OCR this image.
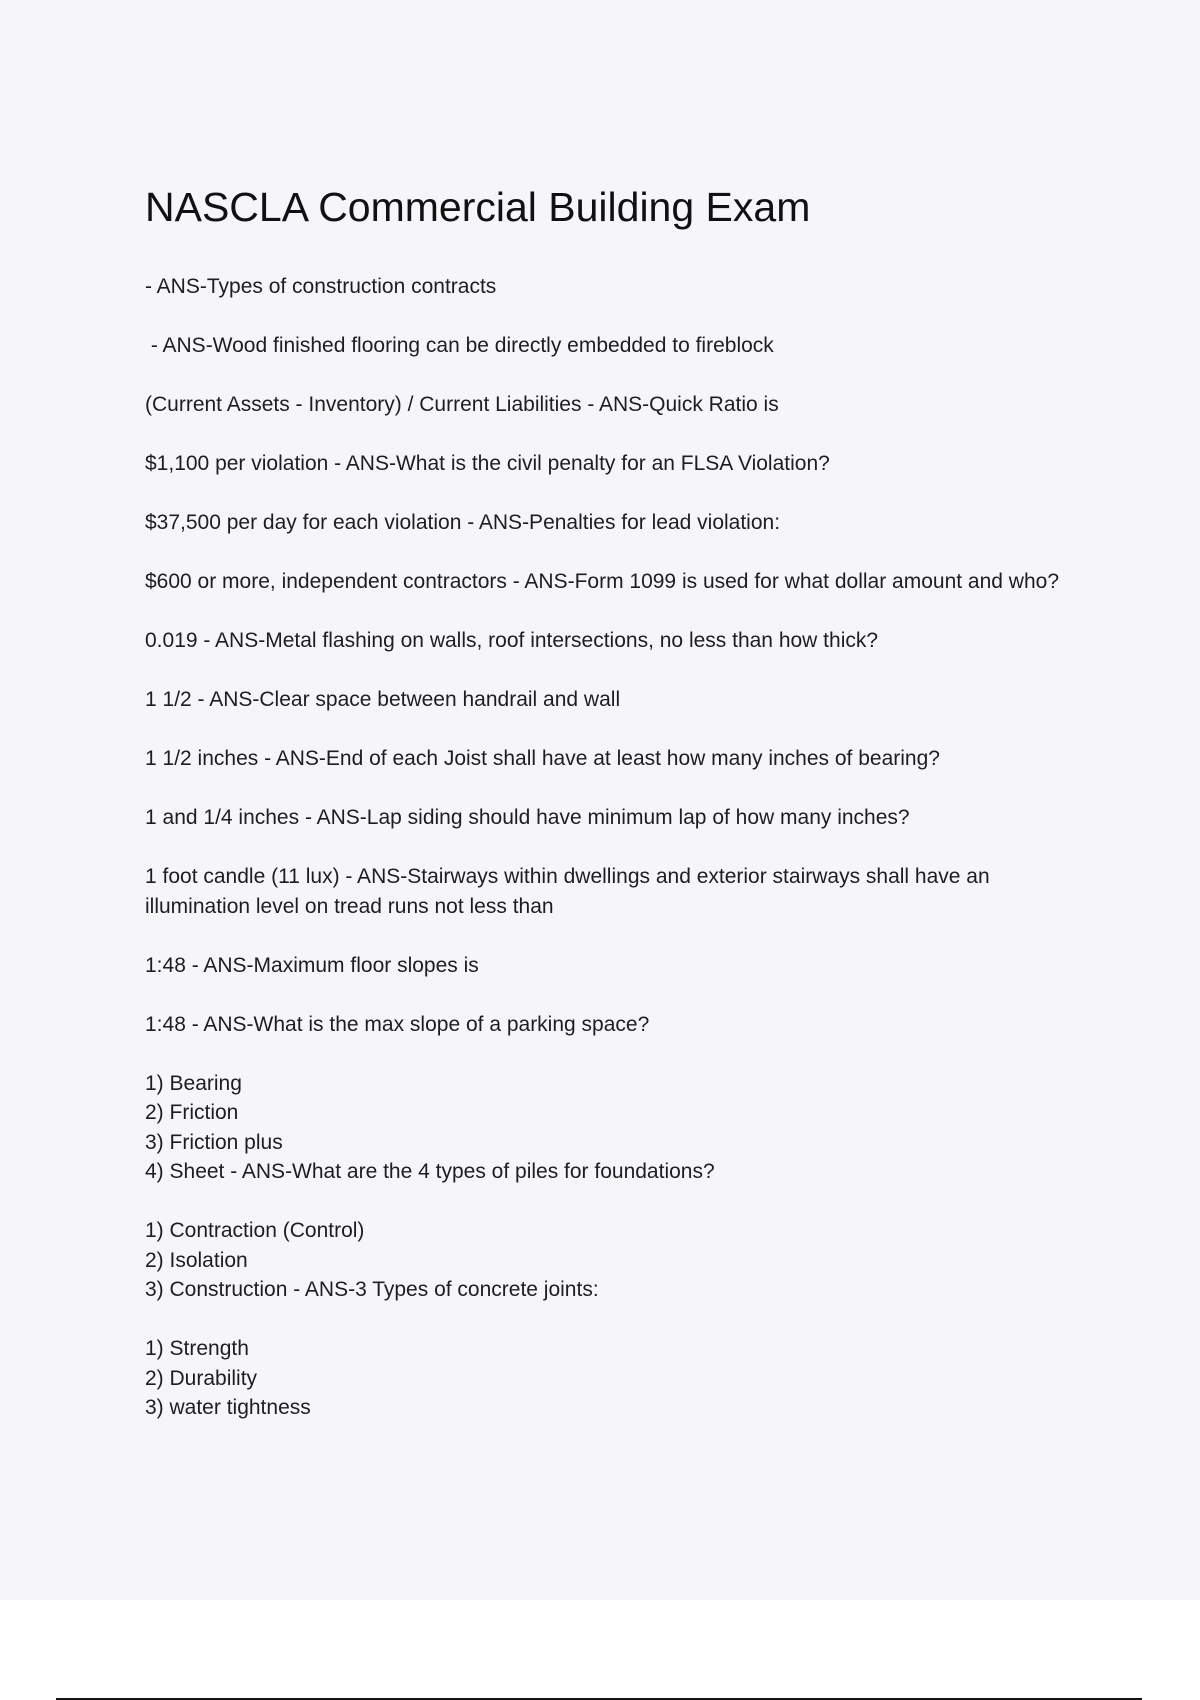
NASCLA Commercial Building Exam

- ANS-Types of construction contracts

- ANS-Wood finished flooring can be directly embedded to fireblock

(Current Assets - Inventory) / Current Liabilities - ANS-Quick Ratio is

$1,100 per violation - ANS-What is the civil penalty for an FLSA Violation?

$37,500 per day for each violation - ANS-Penalties for lead violation:

$600 or more, independent contractors - ANS-Form 1099 is used for what dollar amount and who?

0.019 - ANS-Metal flashing on walls, roof intersections, no less than how thick?

1 1/2 - ANS-Clear space between handrail and wall

1 1/2 inches - ANS-End of each Joist shall have at least how many inches of bearing?

1 and 1/4 inches - ANS-Lap siding should have minimum lap of how many inches?

1 foot candle (11 lux) - ANS-Stairways within dwellings and exterior stairways shall have an illumination level on tread runs not less than

1:48 - ANS-Maximum floor slopes is

1:48 - ANS-What is the max slope of a parking space?

1) Bearing
2) Friction
3) Friction plus
4) Sheet - ANS-What are the 4 types of piles for foundations?

1) Contraction (Control)
2) Isolation
3) Construction - ANS-3 Types of concrete joints:

1) Strength
2) Durability
3) water tightness
